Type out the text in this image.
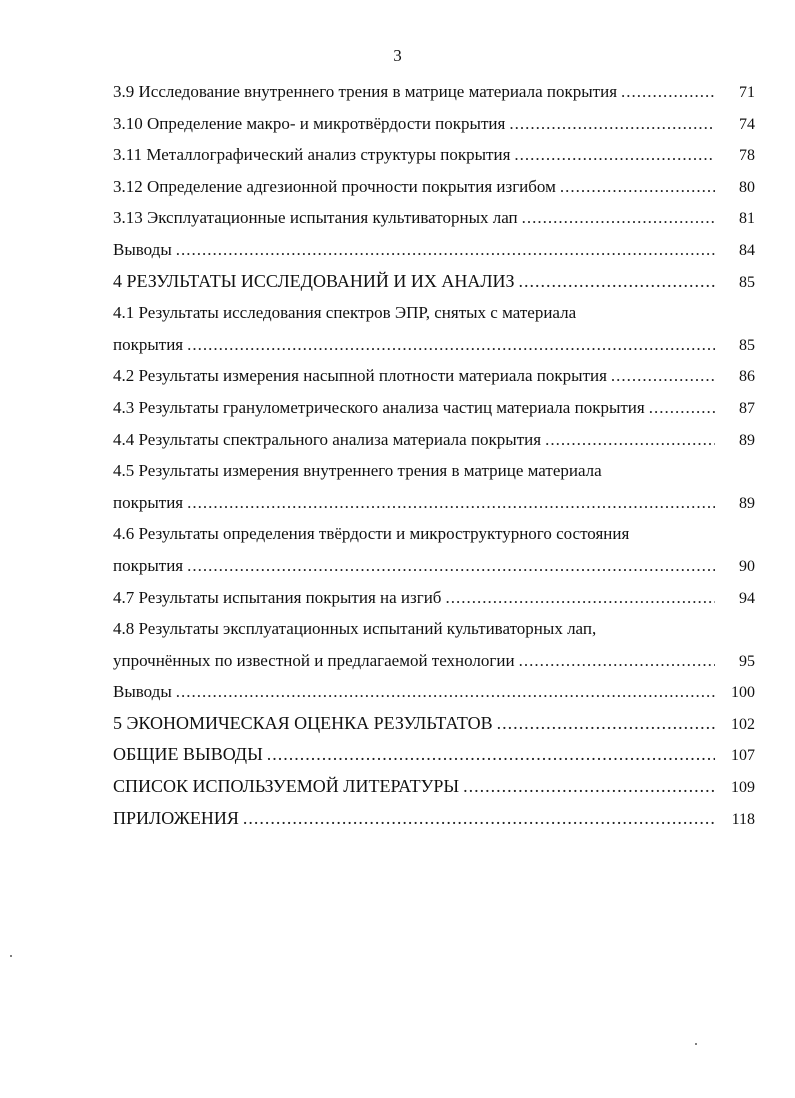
3
3.9 Исследование внутреннего трения в матрице материала покрытия .....	71
3.10 Определение макро- и микротвёрдости покрытия .....	74
3.11 Металлографический анализ структуры покрытия .....	78
3.12 Определение адгезионной прочности покрытия изгибом .....	80
3.13 Эксплуатационные испытания культиваторных лап .....	81
Выводы .....	84
4 РЕЗУЛЬТАТЫ ИССЛЕДОВАНИЙ И ИХ АНАЛИЗ .....	85
4.1 Результаты исследования спектров ЭПР, снятых с материала
покрытия .....	85
4.2 Результаты измерения насыпной плотности материала покрытия .....	86
4.3 Результаты гранулометрического анализа частиц материала покрытия .....	87
4.4 Результаты спектрального анализа материала покрытия .....	89
4.5 Результаты измерения внутреннего трения в матрице материала
покрытия .....	89
4.6 Результаты определения твёрдости и микроструктурного состояния
покрытия .....	90
4.7 Результаты испытания покрытия на изгиб .....	94
4.8 Результаты эксплуатационных испытаний культиваторных лап,
упрочнённых по известной и предлагаемой технологии .....	95
Выводы .....	100
5 ЭКОНОМИЧЕСКАЯ ОЦЕНКА РЕЗУЛЬТАТОВ .....	102
ОБЩИЕ ВЫВОДЫ .....	107
СПИСОК ИСПОЛЬЗУЕМОЙ ЛИТЕРАТУРЫ .....	109
ПРИЛОЖЕНИЯ .....	118
